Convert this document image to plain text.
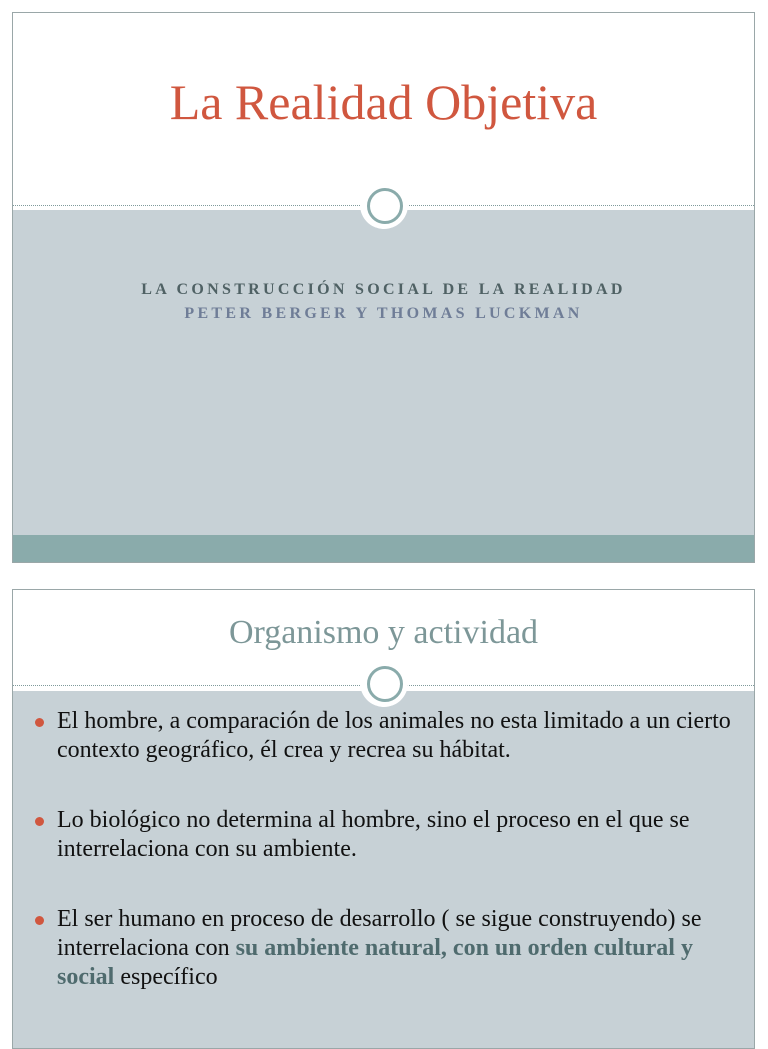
La Realidad Objetiva

LA CONSTRUCCIÓN SOCIAL DE LA REALIDAD

PETER BERGER Y THOMAS LUCKMAN

Organismo y actividad
El hombre, a comparación de los animales no esta limitado a un cierto contexto geográfico, él crea y recrea su hábitat.
Lo biológico no determina al hombre, sino el proceso en el que se interrelaciona con su ambiente.
El ser humano en proceso de desarrollo ( se sigue construyendo) se interrelaciona con su ambiente natural, con un orden cultural y social específico
